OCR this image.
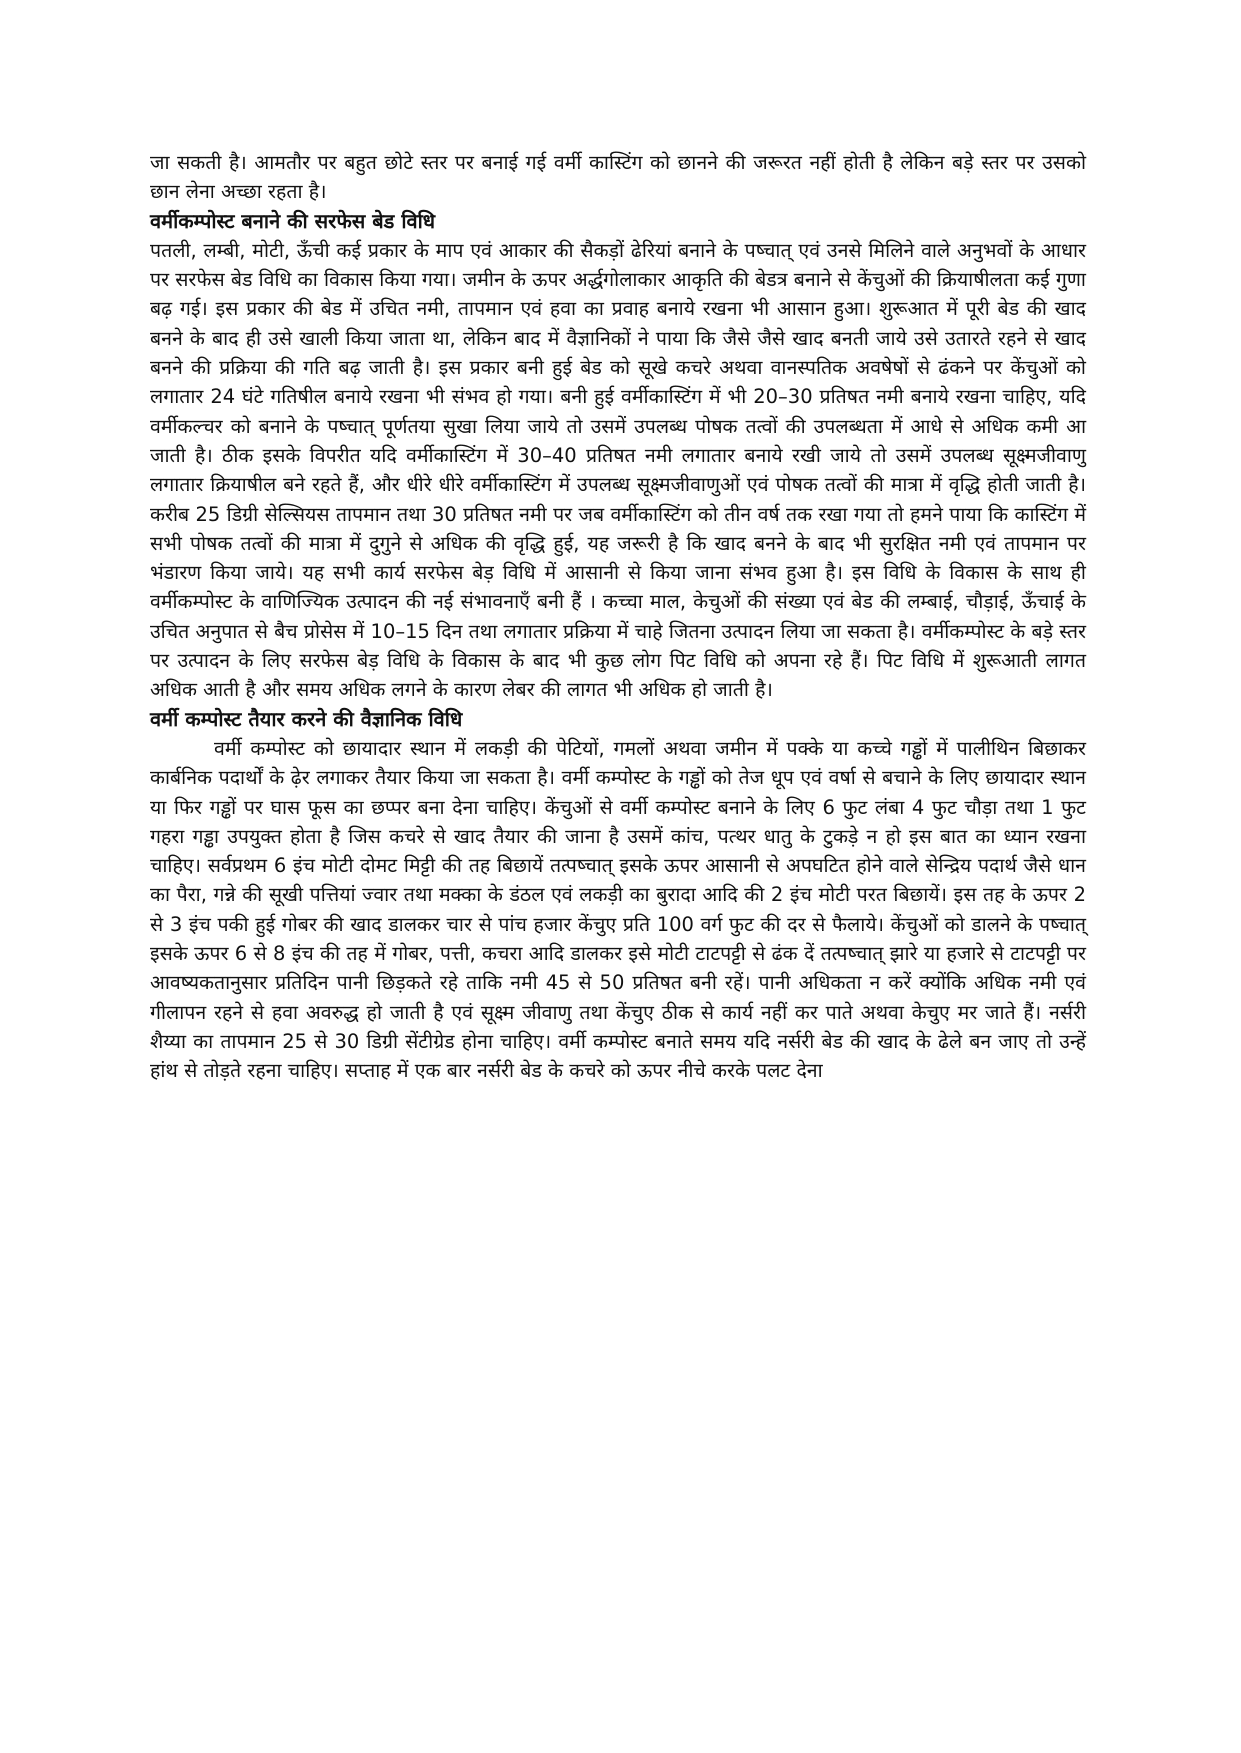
जा सकती है। आमतौर पर बहुत छोटे स्तर पर बनाई गई वर्मी कास्टिंग को छानने की जरूरत नहीं होती है लेकिन बड़े स्तर पर उसको छान लेना अच्छा रहता है।

वर्मीकम्पोस्ट बनाने की सरफेस बेड विधि

पतली, लम्बी, मोटी, ऊँची कई प्रकार के माप एवं आकार की सैकड़ों ढेरियां बनाने के पष्चात् एवं उनसे मिलिने वाले अनुभवों के आधार पर सरफेस बेड विधि का विकास किया गया। जमीन के ऊपर अर्द्धगोलाकार आकृति की बेडत्र बनाने से केंचुओं की क्रियाषीलता कई गुणा बढ़ गई। इस प्रकार की बेड में उचित नमी, तापमान एवं हवा का प्रवाह बनाये रखना भी आसान हुआ। शुरूआत में पूरी बेड की खाद बनने के बाद ही उसे खाली किया जाता था, लेकिन बाद में वैज्ञानिकों ने पाया कि जैसे जैसे खाद बनती जाये उसे उतारते रहने से खाद बनने की प्रक्रिया की गति बढ़ जाती है। इस प्रकार बनी हुई बेड को सूखे कचरे अथवा वानस्पतिक अवषेषों से ढंकने पर केंचुओं को लगातार 24 घंटे गतिषील बनाये रखना भी संभव हो गया। बनी हुई वर्मीकास्टिंग में भी 20–30 प्रतिषत नमी बनाये रखना चाहिए, यदि वर्मीकल्चर को बनाने के पष्चात् पूर्णतया सुखा लिया जाये तो उसमें उपलब्ध पोषक तत्वों की उपलब्धता में आधे से अधिक कमी आ जाती है। ठीक इसके विपरीत यदि वर्मीकास्टिंग में 30–40 प्रतिषत नमी लगातार बनाये रखी जाये तो उसमें उपलब्ध सूक्ष्मजीवाणु लगातार क्रियाषील बने रहते हैं, और धीरे धीरे वर्मीकास्टिंग में उपलब्ध सूक्ष्मजीवाणुओं एवं पोषक तत्वों की मात्रा में वृद्धि होती जाती है। करीब 25 डिग्री सेल्सियस तापमान तथा 30 प्रतिषत नमी पर जब वर्मीकास्टिंग को तीन वर्ष तक रखा गया तो हमने पाया कि कास्टिंग में सभी पोषक तत्वों की मात्रा में दुगुने से अधिक की वृद्धि हुई, यह जरूरी है कि खाद बनने के बाद भी सुरक्षित नमी एवं तापमान पर भंडारण किया जाये। यह सभी कार्य सरफेस बेड़ विधि में आसानी से किया जाना संभव हुआ है। इस विधि के विकास के साथ ही वर्मीकम्पोस्ट के वाणिज्यिक उत्पादन की नई संभावनाएँ बनी हैं । कच्चा माल, केचुओं की संख्या एवं बेड की लम्बाई, चौड़ाई, ऊँचाई के उचित अनुपात से बैच प्रोसेस में 10–15 दिन तथा लगातार प्रक्रिया में चाहे जितना उत्पादन लिया जा सकता है। वर्मीकम्पोस्ट के बड़े स्तर पर उत्पादन के लिए सरफेस बेड़ विधि के विकास के बाद भी कुछ लोग पिट विधि को अपना रहे हैं। पिट विधि में शुरूआती लागत अधिक आती है और समय अधिक लगने के कारण लेबर की लागत भी अधिक हो जाती है।

वर्मी कम्पोस्ट तैयार करने की वैज्ञानिक विधि

वर्मी कम्पोस्ट को छायादार स्थान में लकड़ी की पेटियों, गमलों अथवा जमीन में पक्के या कच्चे गड्ढों में पालीथिन बिछाकर कार्बनिक पदार्थों के ढ़ेर लगाकर तैयार किया जा सकता है। वर्मी कम्पोस्ट के गड्ढों को तेज धूप एवं वर्षा से बचाने के लिए छायादार स्थान या फिर गड्ढों पर घास फूस का छप्पर बना देना चाहिए। केंचुओं से वर्मी कम्पोस्ट बनाने के लिए 6 फुट लंबा 4 फुट चौड़ा तथा 1 फुट गहरा गड्ढा उपयुक्त होता है जिस कचरे से खाद तैयार की जाना है उसमें कांच, पत्थर धातु के टुकड़े न हो इस बात का ध्यान रखना चाहिए। सर्वप्रथम 6 इंच मोटी दोमट मिट्टी की तह बिछायें तत्पष्चात् इसके ऊपर आसानी से अपघटित होने वाले सेन्द्रिय पदार्थ जैसे धान का पैरा, गन्ने की सूखी पत्तियां ज्वार तथा मक्का के डंठल एवं लकड़ी का बुरादा आदि की 2 इंच मोटी परत बिछायें। इस तह के ऊपर 2 से 3 इंच पकी हुई गोबर की खाद डालकर चार से पांच हजार केंचुए प्रति 100 वर्ग फुट की दर से फैलाये। केंचुओं को डालने के पष्चात् इसके ऊपर 6 से 8 इंच की तह में गोबर, पत्ती, कचरा आदि डालकर इसे मोटी टाटपट्टी से ढंक दें तत्पष्चात् झारे या हजारे से टाटपट्टी पर आवष्यकतानुसार प्रतिदिन पानी छिड़कते रहे ताकि नमी 45 से 50 प्रतिषत बनी रहें। पानी अधिकता न करें क्योंकि अधिक नमी एवं गीलापन रहने से हवा अवरुद्ध हो जाती है एवं सूक्ष्म जीवाणु तथा केंचुए ठीक से कार्य नहीं कर पाते अथवा केचुए मर जाते हैं। नर्सरी शैय्या का तापमान 25 से 30 डिग्री सेंटीग्रेड होना चाहिए। वर्मी कम्पोस्ट बनाते समय यदि नर्सरी बेड की खाद के ढेले बन जाए तो उन्हें हांथ से तोड़ते रहना चाहिए। सप्ताह में एक बार नर्सरी बेड के कचरे को ऊपर नीचे करके पलट देना
